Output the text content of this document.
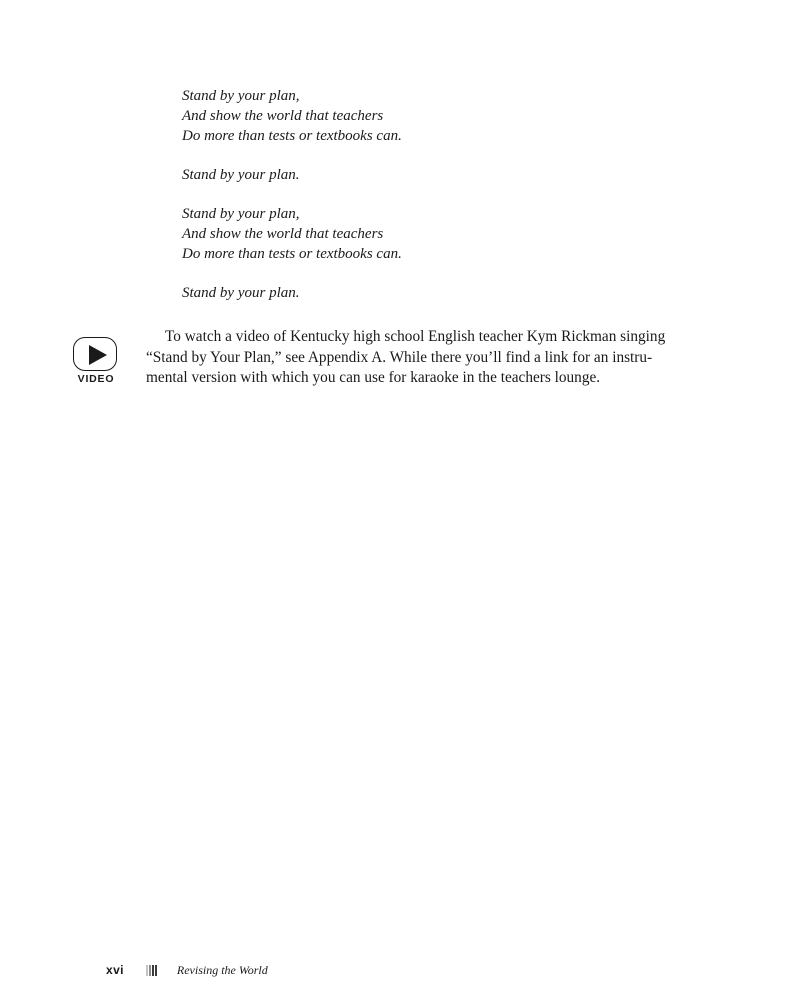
Stand by your plan,
And show the world that teachers
Do more than tests or textbooks can.
Stand by your plan.
Stand by your plan,
And show the world that teachers
Do more than tests or textbooks can.
Stand by your plan.
VIDEO

To watch a video of Kentucky high school English teacher Kym Rickman singing
“Stand by Your Plan,” see Appendix A. While there you’ll find a link for an instru-
mental version with which you can use for karaoke in the teachers lounge.

xvi	Revising the World
